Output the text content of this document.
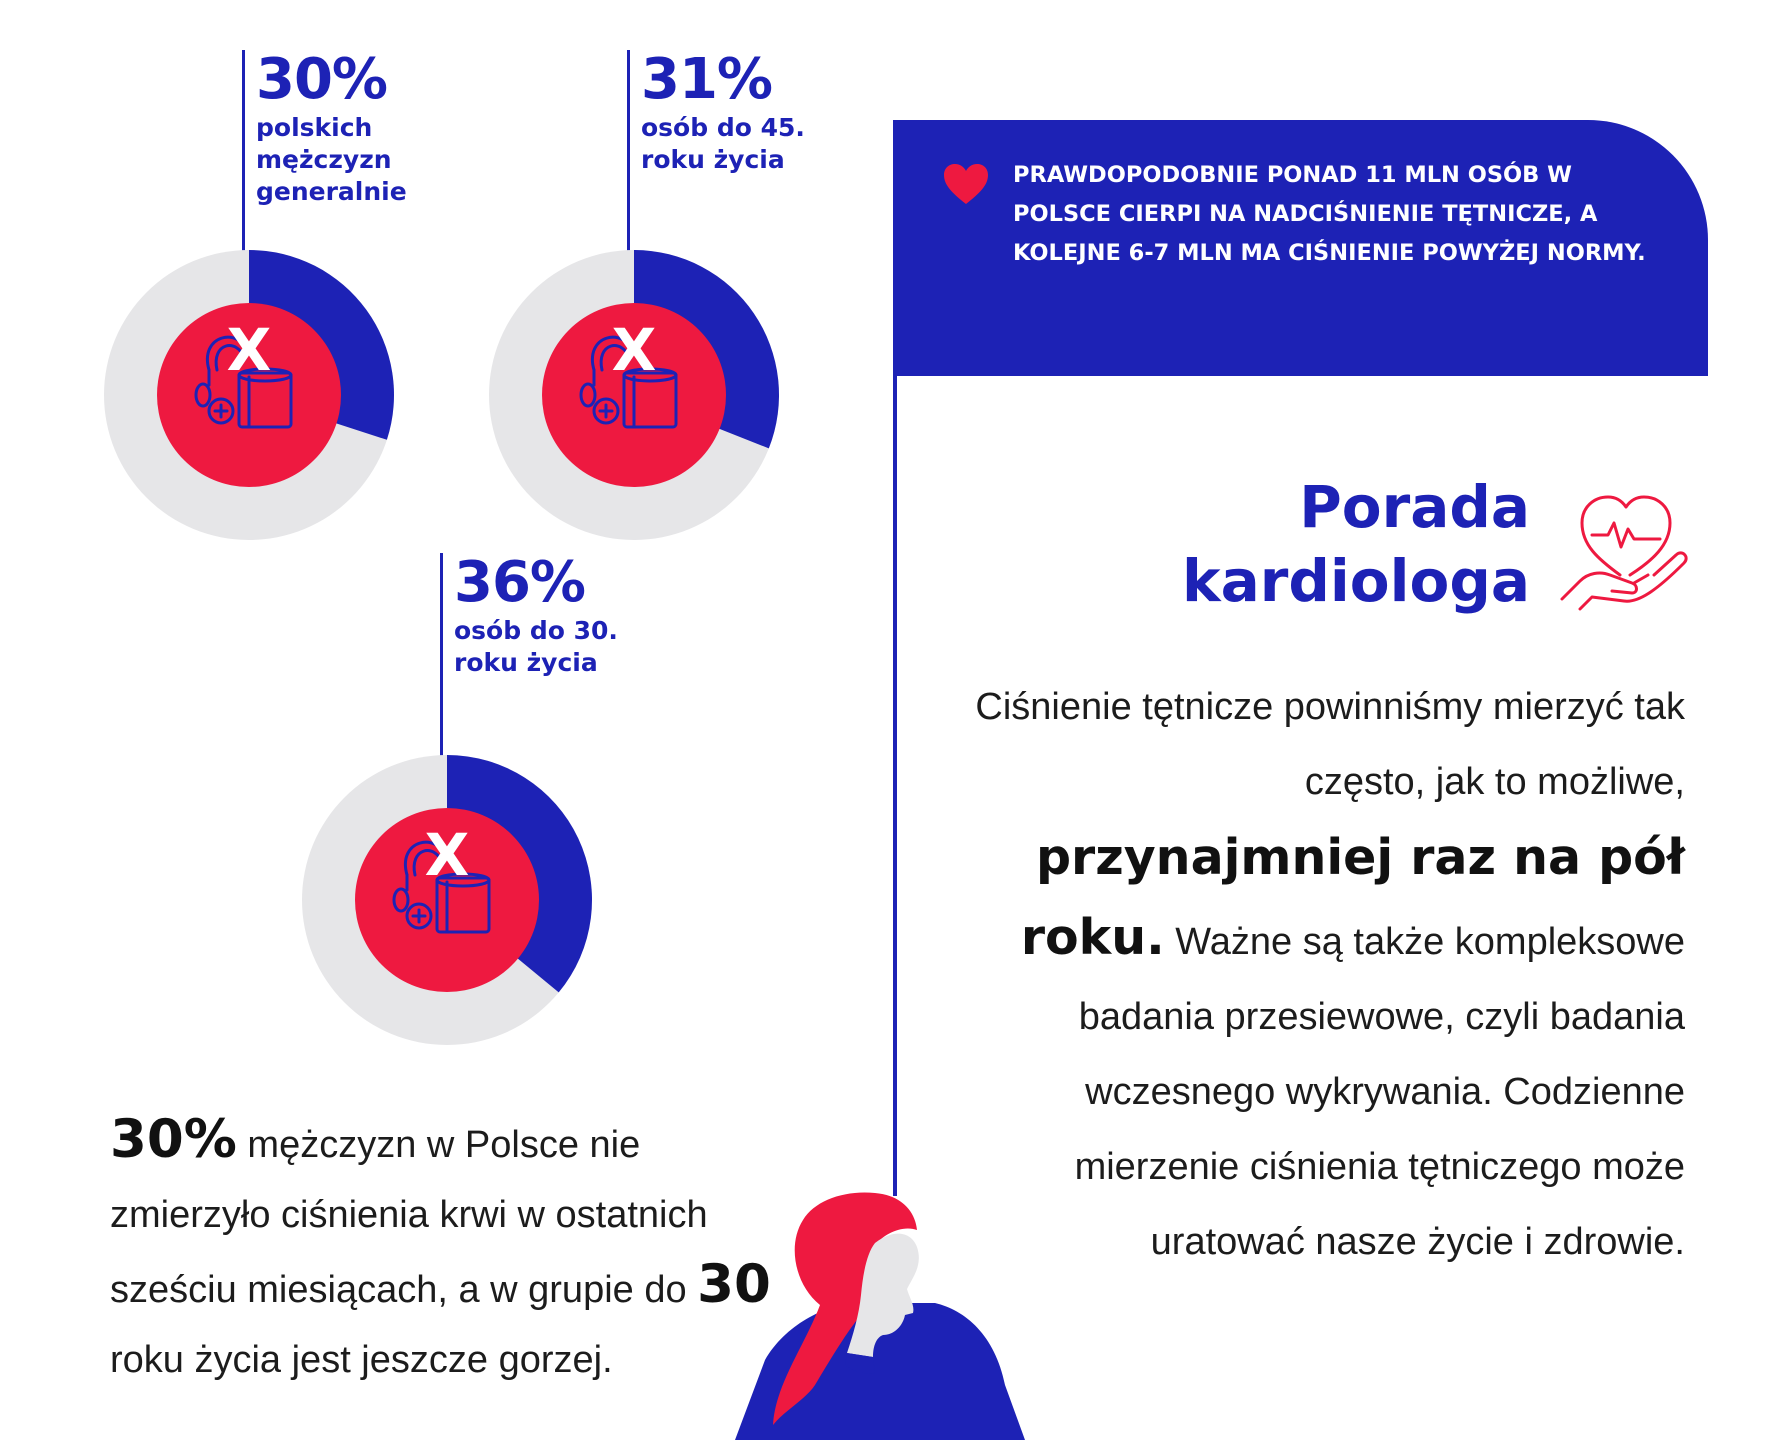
30%
polskich mężczyzn generalnie
X
31%
osób do 45. roku życia
X
36%
osób do 30. roku życia
X
PRAWDOPODOBNIE PONAD 11 MLN OSÓB W POLSCE CIERPI NA NADCIŚNIENIE TĘTNICZE, A KOLEJNE 6-7 MLN MA CIŚNIENIE POWYŻEJ NORMY.
Porada
kardiologa
Ciśnienie tętnicze powinniśmy mierzyć tak często, jak to możliwe, przynajmniej raz na pół roku. Ważne są także kompleksowe badania przesiewowe, czyli badania wczesnego wykrywania. Codzienne mierzenie ciśnienia tętniczego może uratować nasze życie i zdrowie.
30% mężczyzn w Polsce nie zmierzyło ciśnienia krwi w ostatnich sześciu miesiącach, a w grupie do 30 roku życia jest jeszcze gorzej.
